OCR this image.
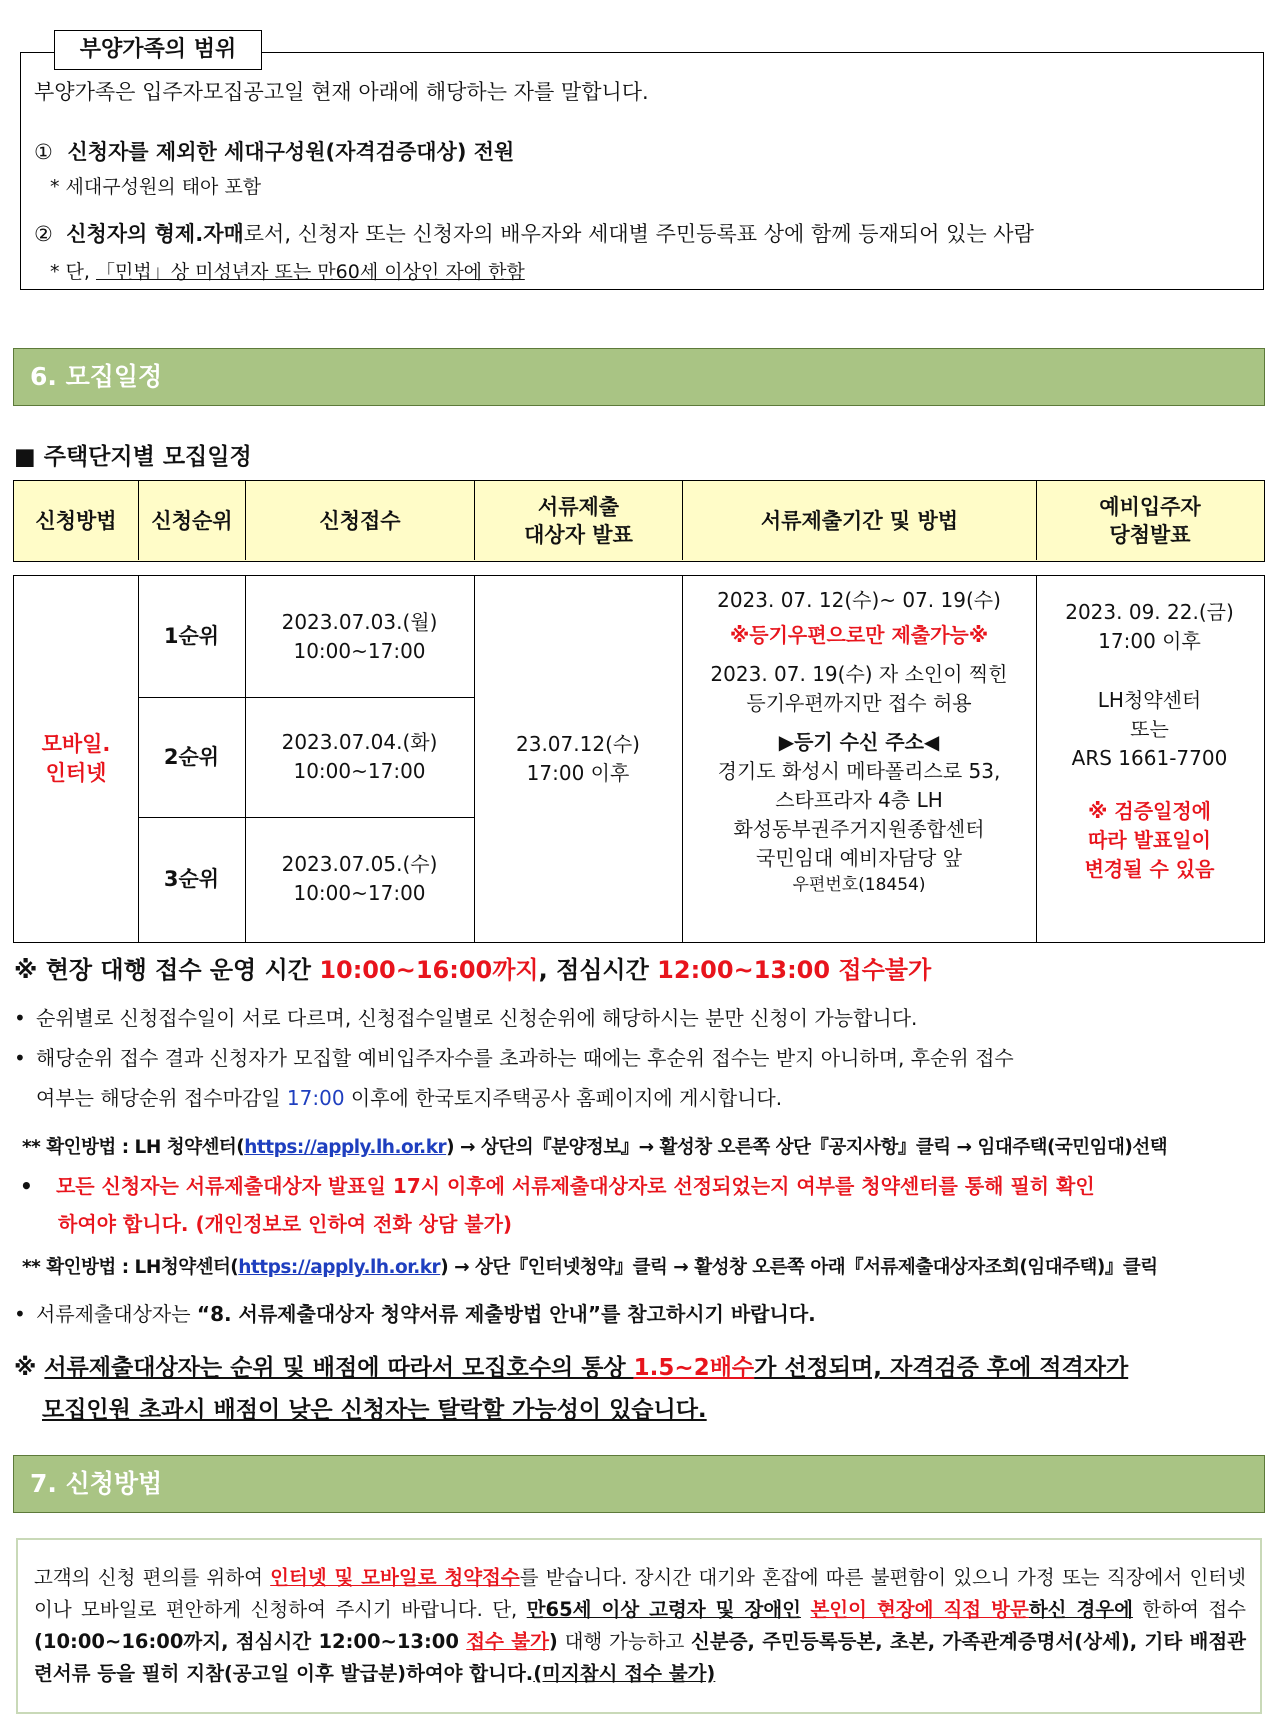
부양가족의 범위
부양가족은 입주자모집공고일 현재 아래에 해당하는 자를 말합니다.
① 신청자를 제외한 세대구성원(자격검증대상) 전원
* 세대구성원의 태아 포함
② 신청자의 형제.자매로서, 신청자 또는 신청자의 배우자와 세대별 주민등록표 상에 함께 등재되어 있는 사람
* 단, 「민법」상 미성년자 또는 만60세 이상인 자에 한함
6. 모집일정
■ 주택단지별 모집일정
신청방법	신청순위	신청접수
서류제출
대상자 발표
서류제출기간 및 방법
예비입주자
당첨발표
모바일.
인터넷
1순위
2023.07.03.(월)
10:00~17:00
2순위
2023.07.04.(화)
10:00~17:00
3순위
2023.07.05.(수)
10:00~17:00
23.07.12(수)
17:00 이후
2023. 07. 12(수)~ 07. 19(수)
※등기우편으로만 제출가능※
2023. 07. 19(수) 자 소인이 찍힌
등기우편까지만 접수 허용
▶등기 수신 주소◀
경기도 화성시 메타폴리스로 53,
스타프라자 4층 LH
화성동부권주거지원종합센터
국민임대 예비자담당 앞
우편번호(18454)
2023. 09. 22.(금)
17:00 이후
LH청약센터
또는
ARS 1661-7700
※ 검증일정에
따라 발표일이
변경될 수 있음
※ 현장 대행 접수 운영 시간 10:00~16:00까지, 점심시간 12:00~13:00 접수불가
• 순위별로 신청접수일이 서로 다르며, 신청접수일별로 신청순위에 해당하시는 분만 신청이 가능합니다.
• 해당순위 접수 결과 신청자가 모집할 예비입주자수를 초과하는 때에는 후순위 접수는 받지 아니하며, 후순위 접수
여부는 해당순위 접수마감일 17:00 이후에 한국토지주택공사 홈페이지에 게시합니다.
** 확인방법 : LH 청약센터(https://apply.lh.or.kr) → 상단의『분양정보』→ 활성창 오른쪽 상단『공지사항』클릭 → 임대주택(국민임대)선택
• 모든 신청자는 서류제출대상자 발표일 17시 이후에 서류제출대상자로 선정되었는지 여부를 청약센터를 통해 필히 확인
하여야 합니다. (개인정보로 인하여 전화 상담 불가)
** 확인방법 : LH청약센터(https://apply.lh.or.kr) → 상단『인터넷청약』클릭 → 활성창 오른쪽 아래『서류제출대상자조회(임대주택)』클릭
• 서류제출대상자는 “8. 서류제출대상자 청약서류 제출방법 안내”를 참고하시기 바랍니다.
※ 서류제출대상자는 순위 및 배점에 따라서 모집호수의 통상 1.5~2배수가 선정되며, 자격검증 후에 적격자가
모집인원 초과시 배점이 낮은 신청자는 탈락할 가능성이 있습니다.
7. 신청방법
고객의 신청 편의를 위하여 인터넷 및 모바일로 청약접수를 받습니다. 장시간 대기와 혼잡에 따른 불편함이 있으니 가정 또는 직장에서 인터넷이나 모바일로 편안하게 신청하여 주시기 바랍니다. 단, 만65세 이상 고령자 및 장애인 본인이 현장에 직접 방문하신 경우에 한하여 접수(10:00~16:00까지, 점심시간 12:00~13:00 접수 불가) 대행 가능하고 신분증, 주민등록등본, 초본, 가족관계증명서(상세), 기타 배점관련서류 등을 필히 지참(공고일 이후 발급분)하여야 합니다.(미지참시 접수 불가)
